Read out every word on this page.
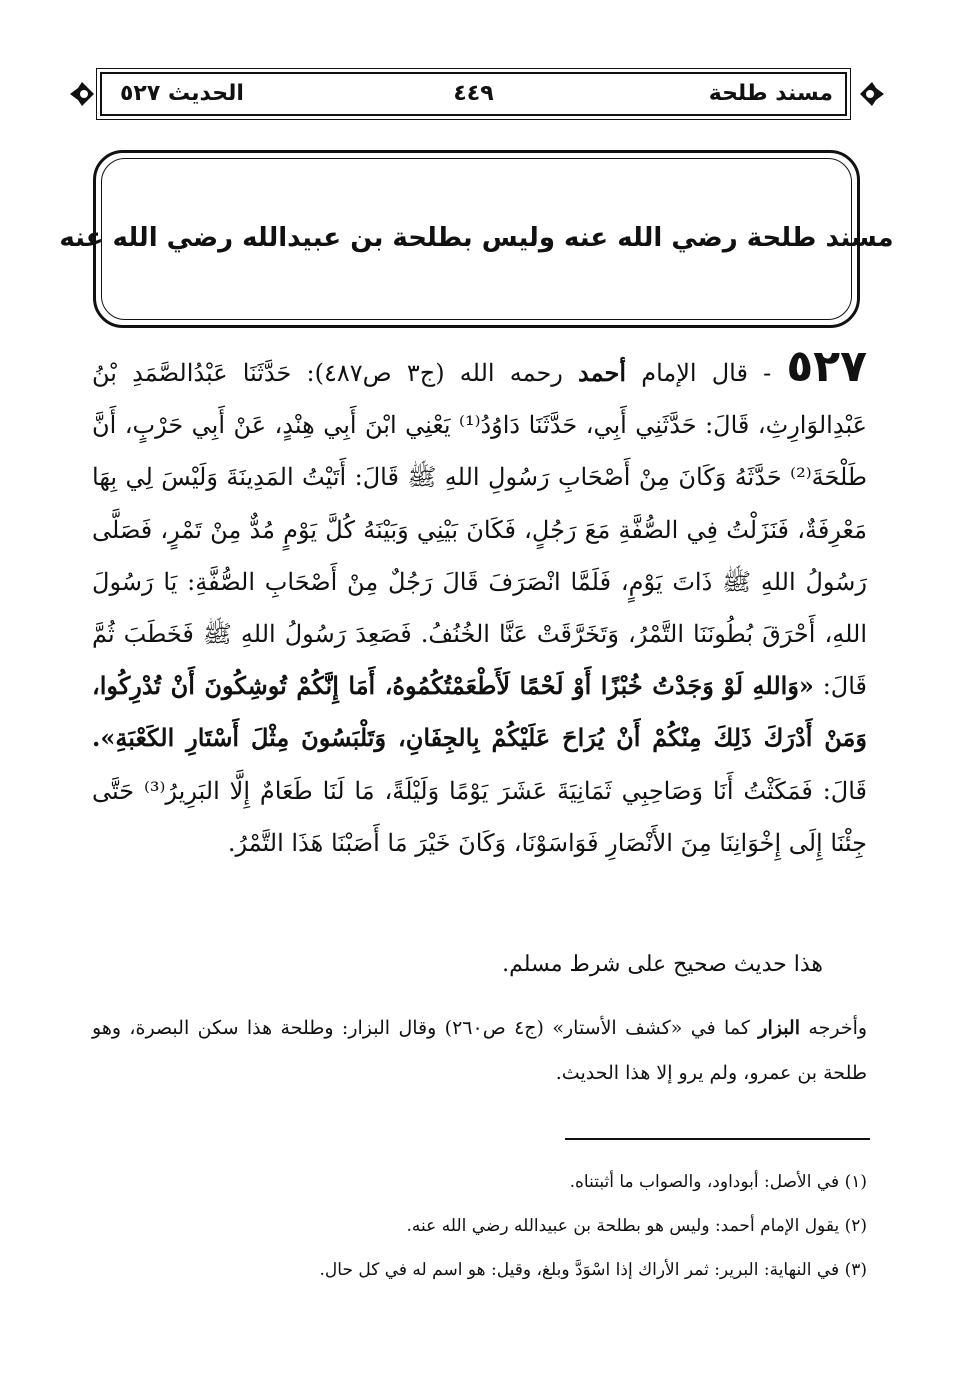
مسند طلحة
٤٤٩
الحديث ٥٢٧
مسند طلحة رضي الله عنه وليس بطلحة بن عبيدالله رضي الله عنه
٥٢٧ - قال الإمام أحمد رحمه الله (ج٣ ص٤٨٧): حَدَّثَنَا عَبْدُالصَّمَدِ بْنُ عَبْدِالوَارِثِ، قَالَ: حَدَّثَنِي أَبِي، حَدَّثَنَا دَاوُدُ⁽¹⁾ يَعْنِي ابْنَ أَبِي هِنْدٍ، عَنْ أَبِي حَرْبٍ، أَنَّ طَلْحَةَ⁽²⁾ حَدَّثَهُ وَكَانَ مِنْ أَصْحَابِ رَسُولِ اللهِ ﷺ قَالَ: أَتَيْتُ المَدِينَةَ وَلَيْسَ لِي بِهَا مَعْرِفَةٌ، فَنَزَلْتُ فِي الصُّفَّةِ مَعَ رَجُلٍ، فَكَانَ بَيْنِي وَبَيْنَهُ كُلَّ يَوْمٍ مُدٌّ مِنْ تَمْرٍ، فَصَلَّى رَسُولُ اللهِ ﷺ ذَاتَ يَوْمٍ، فَلَمَّا انْصَرَفَ قَالَ رَجُلٌ مِنْ أَصْحَابِ الصُّفَّةِ: يَا رَسُولَ اللهِ، أَحْرَقَ بُطُونَنَا التَّمْرُ، وَتَخَرَّقَتْ عَنَّا الخُنُفُ. فَصَعِدَ رَسُولُ اللهِ ﷺ فَخَطَبَ ثُمَّ قَالَ: «وَاللهِ لَوْ وَجَدْتُ خُبْزًا أَوْ لَحْمًا لَأَطْعَمْتُكُمُوهُ، أَمَا إِنَّكُمْ تُوشِكُونَ أَنْ تُدْرِكُوا، وَمَنْ أَدْرَكَ ذَلِكَ مِنْكُمْ أَنْ يُرَاحَ عَلَيْكُمْ بِالجِفَانِ، وَتَلْبَسُونَ مِثْلَ أَسْتَارِ الكَعْبَةِ». قَالَ: فَمَكَثْتُ أَنَا وَصَاحِبِي ثَمَانِيَةَ عَشَرَ يَوْمًا وَلَيْلَةً، مَا لَنَا طَعَامٌ إِلَّا البَرِيرُ⁽³⁾ حَتَّى جِئْنَا إِلَى إِخْوَانِنَا مِنَ الأَنْصَارِ فَوَاسَوْنَا، وَكَانَ خَيْرَ مَا أَصَبْنَا هَذَا التَّمْرُ.
هذا حديث صحيح على شرط مسلم.
وأخرجه البزار كما في «كشف الأستار» (ج٤ ص٢٦٠) وقال البزار: وطلحة هذا سكن البصرة، وهو طلحة بن عمرو، ولم يرو إلا هذا الحديث.
(١) في الأصل: أبوداود، والصواب ما أثبتناه.
(٢) يقول الإمام أحمد: وليس هو بطلحة بن عبيدالله رضي الله عنه.
(٣) في النهاية: البرير: ثمر الأراك إذا اسْوَدَّ وبلغ، وقيل: هو اسم له في كل حال.
